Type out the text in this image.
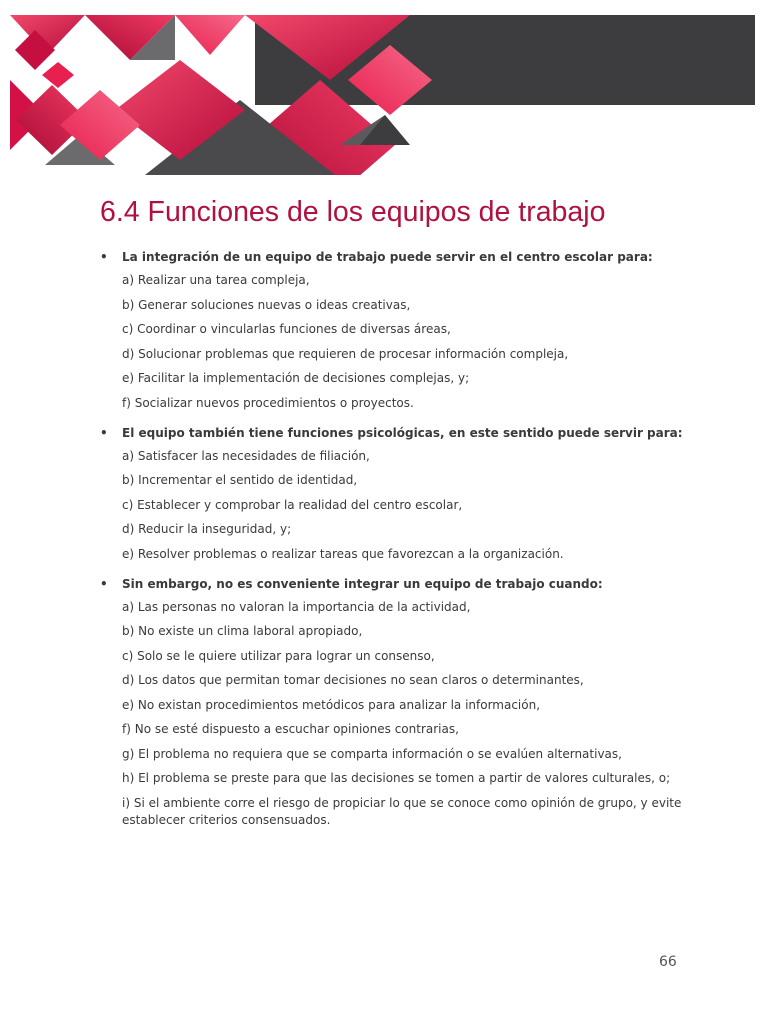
6.4 Funciones de los equipos de trabajo
• La integración de un equipo de trabajo puede servir en el centro escolar para:
a) Realizar una tarea compleja,
b) Generar soluciones nuevas o ideas creativas,
c) Coordinar o vincularlas funciones de diversas áreas,
d) Solucionar problemas que requieren de procesar información compleja,
e) Facilitar la implementación de decisiones complejas, y;
f) Socializar nuevos procedimientos o proyectos.
• El equipo también tiene funciones psicológicas, en este sentido puede servir para:
a) Satisfacer las necesidades de filiación,
b) Incrementar el sentido de identidad,
c) Establecer y comprobar la realidad del centro escolar,
d) Reducir la inseguridad, y;
e) Resolver problemas o realizar tareas que favorezcan a la organización.
• Sin embargo, no es conveniente integrar un equipo de trabajo cuando:
a) Las personas no valoran la importancia de la actividad,
b) No existe un clima laboral apropiado,
c) Solo se le quiere utilizar para lograr un consenso,
d) Los datos que permitan tomar decisiones no sean claros o determinantes,
e) No existan procedimientos metódicos para analizar la información,
f) No se esté dispuesto a escuchar opiniones contrarias,
g) El problema no requiera que se comparta información o se evalúen alternativas,
h) El problema se preste para que las decisiones se tomen a partir de valores culturales, o;
i) Si el ambiente corre el riesgo de propiciar lo que se conoce como opinión de grupo, y evite establecer criterios consensuados.
66
